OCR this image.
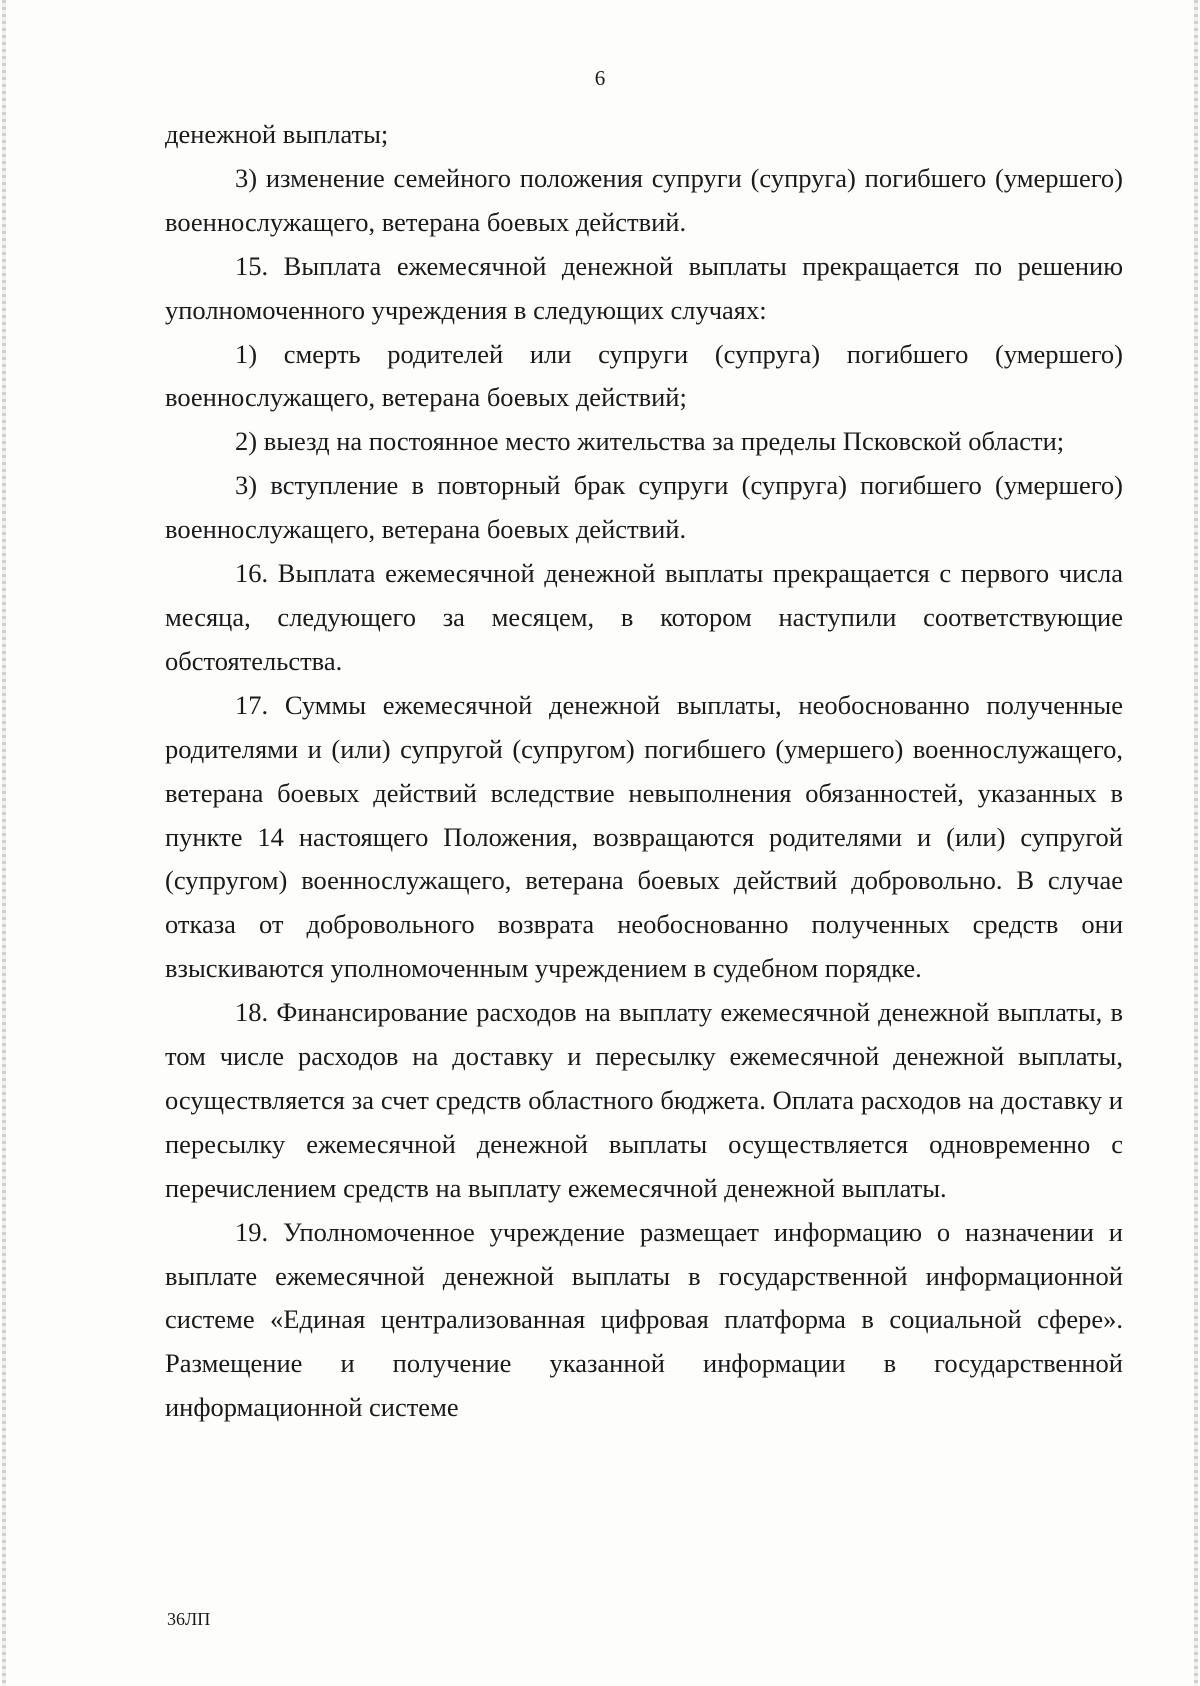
6

денежной выплаты;

3) изменение семейного положения супруги (супруга) погибшего (умершего) военнослужащего, ветерана боевых действий.

15. Выплата ежемесячной денежной выплаты прекращается по решению уполномоченного учреждения в следующих случаях:

1) смерть родителей или супруги (супруга) погибшего (умершего) военнослужащего, ветерана боевых действий;

2) выезд на постоянное место жительства за пределы Псковской области;

3) вступление в повторный брак супруги (супруга) погибшего (умершего) военнослужащего, ветерана боевых действий.

16. Выплата ежемесячной денежной выплаты прекращается с первого числа месяца, следующего за месяцем, в котором наступили соответствующие обстоятельства.

17. Суммы ежемесячной денежной выплаты, необоснованно полученные родителями и (или) супругой (супругом) погибшего (умершего) военнослужащего, ветерана боевых действий вследствие невыполнения обязанностей, указанных в пункте 14 настоящего Положения, возвращаются родителями и (или) супругой (супругом) военнослужащего, ветерана боевых действий добровольно. В случае отказа от добровольного возврата необоснованно полученных средств они взыскиваются уполномоченным учреждением в судебном порядке.

18. Финансирование расходов на выплату ежемесячной денежной выплаты, в том числе расходов на доставку и пересылку ежемесячной денежной выплаты, осуществляется за счет средств областного бюджета. Оплата расходов на доставку и пересылку ежемесячной денежной выплаты осуществляется одновременно с перечислением средств на выплату ежемесячной денежной выплаты.

19. Уполномоченное учреждение размещает информацию о назначении и выплате ежемесячной денежной выплаты в государственной информационной системе «Единая централизованная цифровая платформа в социальной сфере». Размещение и получение указанной информации в государственной информационной системе

36ЛП
